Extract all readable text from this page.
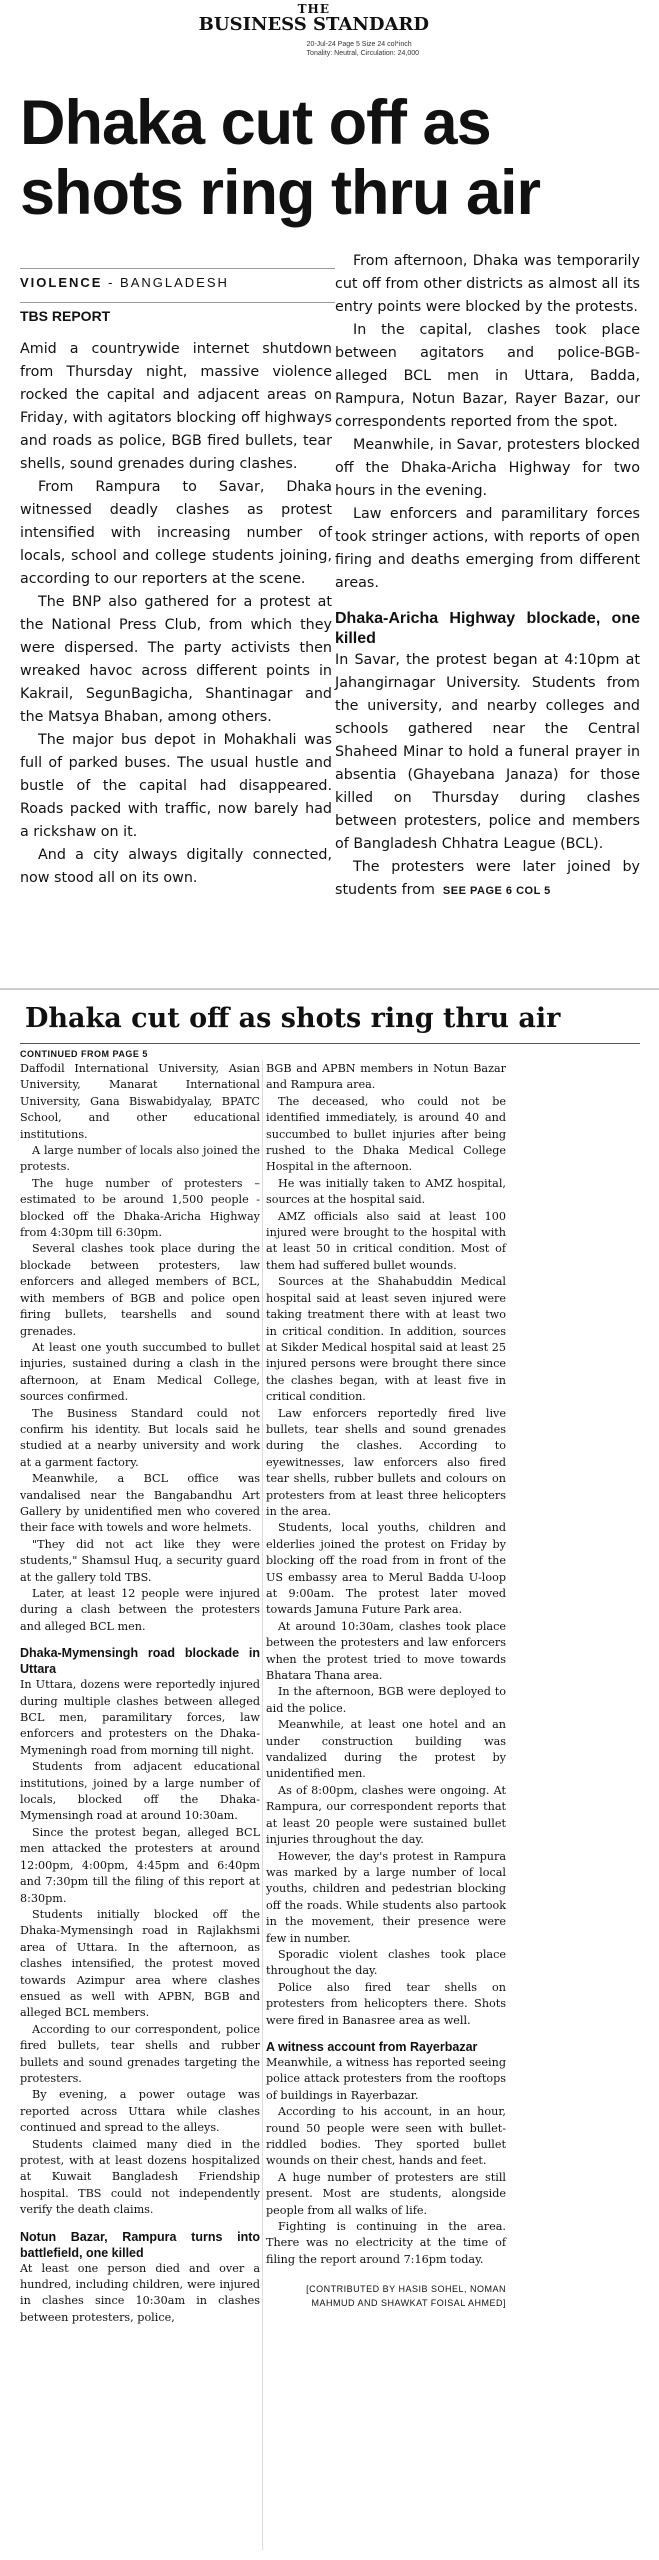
THE
BUSINESS STANDARD
20-Jul-24 Page 5 Size 24 col*inch
Tonality: Neutral, Circulation: 24,000
Dhaka cut off as shots ring thru air
VIOLENCE - BANGLADESH
TBS REPORT

Amid a countrywide internet shutdown from Thursday night, massive violence rocked the capital and adjacent areas on Friday, with agitators blocking off highways and roads as police, BGB fired bullets, tear shells, sound grenades during clashes.

From Rampura to Savar, Dhaka witnessed deadly clashes as protest intensified with increasing number of locals, school and college students joining, according to our reporters at the scene.

The BNP also gathered for a protest at the National Press Club, from which they were dispersed. The party activists then wreaked havoc across different points in Kakrail, SegunBagicha, Shantinagar and the Matsya Bhaban, among others.

The major bus depot in Mohakhali was full of parked buses. The usual hustle and bustle of the capital had disappeared. Roads packed with traffic, now barely had a rickshaw on it.

And a city always digitally connected, now stood all on its own.

From afternoon, Dhaka was temporarily cut off from other districts as almost all its entry points were blocked by the protests.

In the capital, clashes took place between agitators and police-BGB- alleged BCL men in Uttara, Badda, Rampura, Notun Bazar, Rayer Bazar, our correspondents reported from the spot.

Meanwhile, in Savar, protesters blocked off the Dhaka-Aricha Highway for two hours in the evening.

Law enforcers and paramilitary forces took stringer actions, with reports of open firing and deaths emerging from different areas.

Dhaka-Aricha Highway blockade, one killed

In Savar, the protest began at 4:10pm at Jahangirnagar University. Students from the university, and nearby colleges and schools gathered near the Central Shaheed Minar to hold a funeral prayer in absentia (Ghayebana Janaza) for those killed on Thursday during clashes between protesters, police and members of Bangladesh Chhatra League (BCL).

The protesters were later joined by students from SEE PAGE 6 COL 5

Dhaka cut off as shots ring thru air
CONTINUED FROM PAGE 5

Daffodil International University, Asian University, Manarat International University, Gana Biswabidyalay, BPATC School, and other educational institutions.

A large number of locals also joined the protests.

The huge number of protesters – estimated to be around 1,500 people - blocked off the Dhaka-Aricha Highway from 4:30pm till 6:30pm.

Several clashes took place during the blockade between protesters, law enforcers and alleged members of BCL, with members of BGB and police open firing bullets, tearshells and sound grenades.

At least one youth succumbed to bullet injuries, sustained during a clash in the afternoon, at Enam Medical College, sources confirmed.

The Business Standard could not confirm his identity. But locals said he studied at a nearby university and work at a garment factory.

Meanwhile, a BCL office was vandalised near the Bangabandhu Art Gallery by unidentified men who covered their face with towels and wore helmets.

"They did not act like they were students," Shamsul Huq, a security guard at the gallery told TBS.

Later, at least 12 people were injured during a clash between the protesters and alleged BCL men.

Dhaka-Mymensingh road blockade in Uttara

In Uttara, dozens were reportedly injured during multiple clashes between alleged BCL men, paramilitary forces, law enforcers and protesters on the Dhaka-Mymeningh road from morning till night.

Students from adjacent educational institutions, joined by a large number of locals, blocked off the Dhaka-Mymensingh road at around 10:30am.

Since the protest began, alleged BCL men attacked the protesters at around 12:00pm, 4:00pm, 4:45pm and 6:40pm and 7:30pm till the filing of this report at 8:30pm.

Students initially blocked off the Dhaka-Mymensingh road in Rajlakhsmi area of Uttara. In the afternoon, as clashes intensified, the protest moved towards Azimpur area where clashes ensued as well with APBN, BGB and alleged BCL members.

According to our correspondent, police fired bullets, tear shells and rubber bullets and sound grenades targeting the protesters.

By evening, a power outage was reported across Uttara while clashes continued and spread to the alleys.

Students claimed many died in the protest, with at least dozens hospitalized at Kuwait Bangladesh Friendship hospital. TBS could not independently verify the death claims.

Notun Bazar, Rampura turns into battlefield, one killed

At least one person died and over a hundred, including children, were injured in clashes since 10:30am in clashes between protesters, police,

BGB and APBN members in Notun Bazar and Rampura area.

The deceased, who could not be identified immediately, is around 40 and succumbed to bullet injuries after being rushed to the Dhaka Medical College Hospital in the afternoon.

He was initially taken to AMZ hospital, sources at the hospital said.

AMZ officials also said at least 100 injured were brought to the hospital with at least 50 in critical condition. Most of them had suffered bullet wounds.

Sources at the Shahabuddin Medical hospital said at least seven injured were taking treatment there with at least two in critical condition. In addition, sources at Sikder Medical hospital said at least 25 injured persons were brought there since the clashes began, with at least five in critical condition.

Law enforcers reportedly fired live bullets, tear shells and sound grenades during the clashes. According to eyewitnesses, law enforcers also fired tear shells, rubber bullets and colours on protesters from at least three helicopters in the area.

Students, local youths, children and elderlies joined the protest on Friday by blocking off the road from in front of the US embassy area to Merul Badda U-loop at 9:00am. The protest later moved towards Jamuna Future Park area.

At around 10:30am, clashes took place between the protesters and law enforcers when the protest tried to move towards Bhatara Thana area.

In the afternoon, BGB were deployed to aid the police.

Meanwhile, at least one hotel and an under construction building was vandalized during the protest by unidentified men.

As of 8:00pm, clashes were ongoing. At Rampura, our correspondent reports that at least 20 people were sustained bullet injuries throughout the day.

However, the day's protest in Rampura was marked by a large number of local youths, children and pedestrian blocking off the roads. While students also partook in the movement, their presence were few in number.

Sporadic violent clashes took place throughout the day.

Police also fired tear shells on protesters from helicopters there. Shots were fired in Banasree area as well.

A witness account from Rayerbazar

Meanwhile, a witness has reported seeing police attack protesters from the rooftops of buildings in Rayerbazar.

According to his account, in an hour, round 50 people were seen with bullet-riddled bodies. They sported bullet wounds on their chest, hands and feet.

A huge number of protesters are still present. Most are students, alongside people from all walks of life.

Fighting is continuing in the area. There was no electricity at the time of filing the report around 7:16pm today.

[CONTRIBUTED BY HASIB SOHEL, NOMAN MAHMUD AND SHAWKAT FOISAL AHMED]
